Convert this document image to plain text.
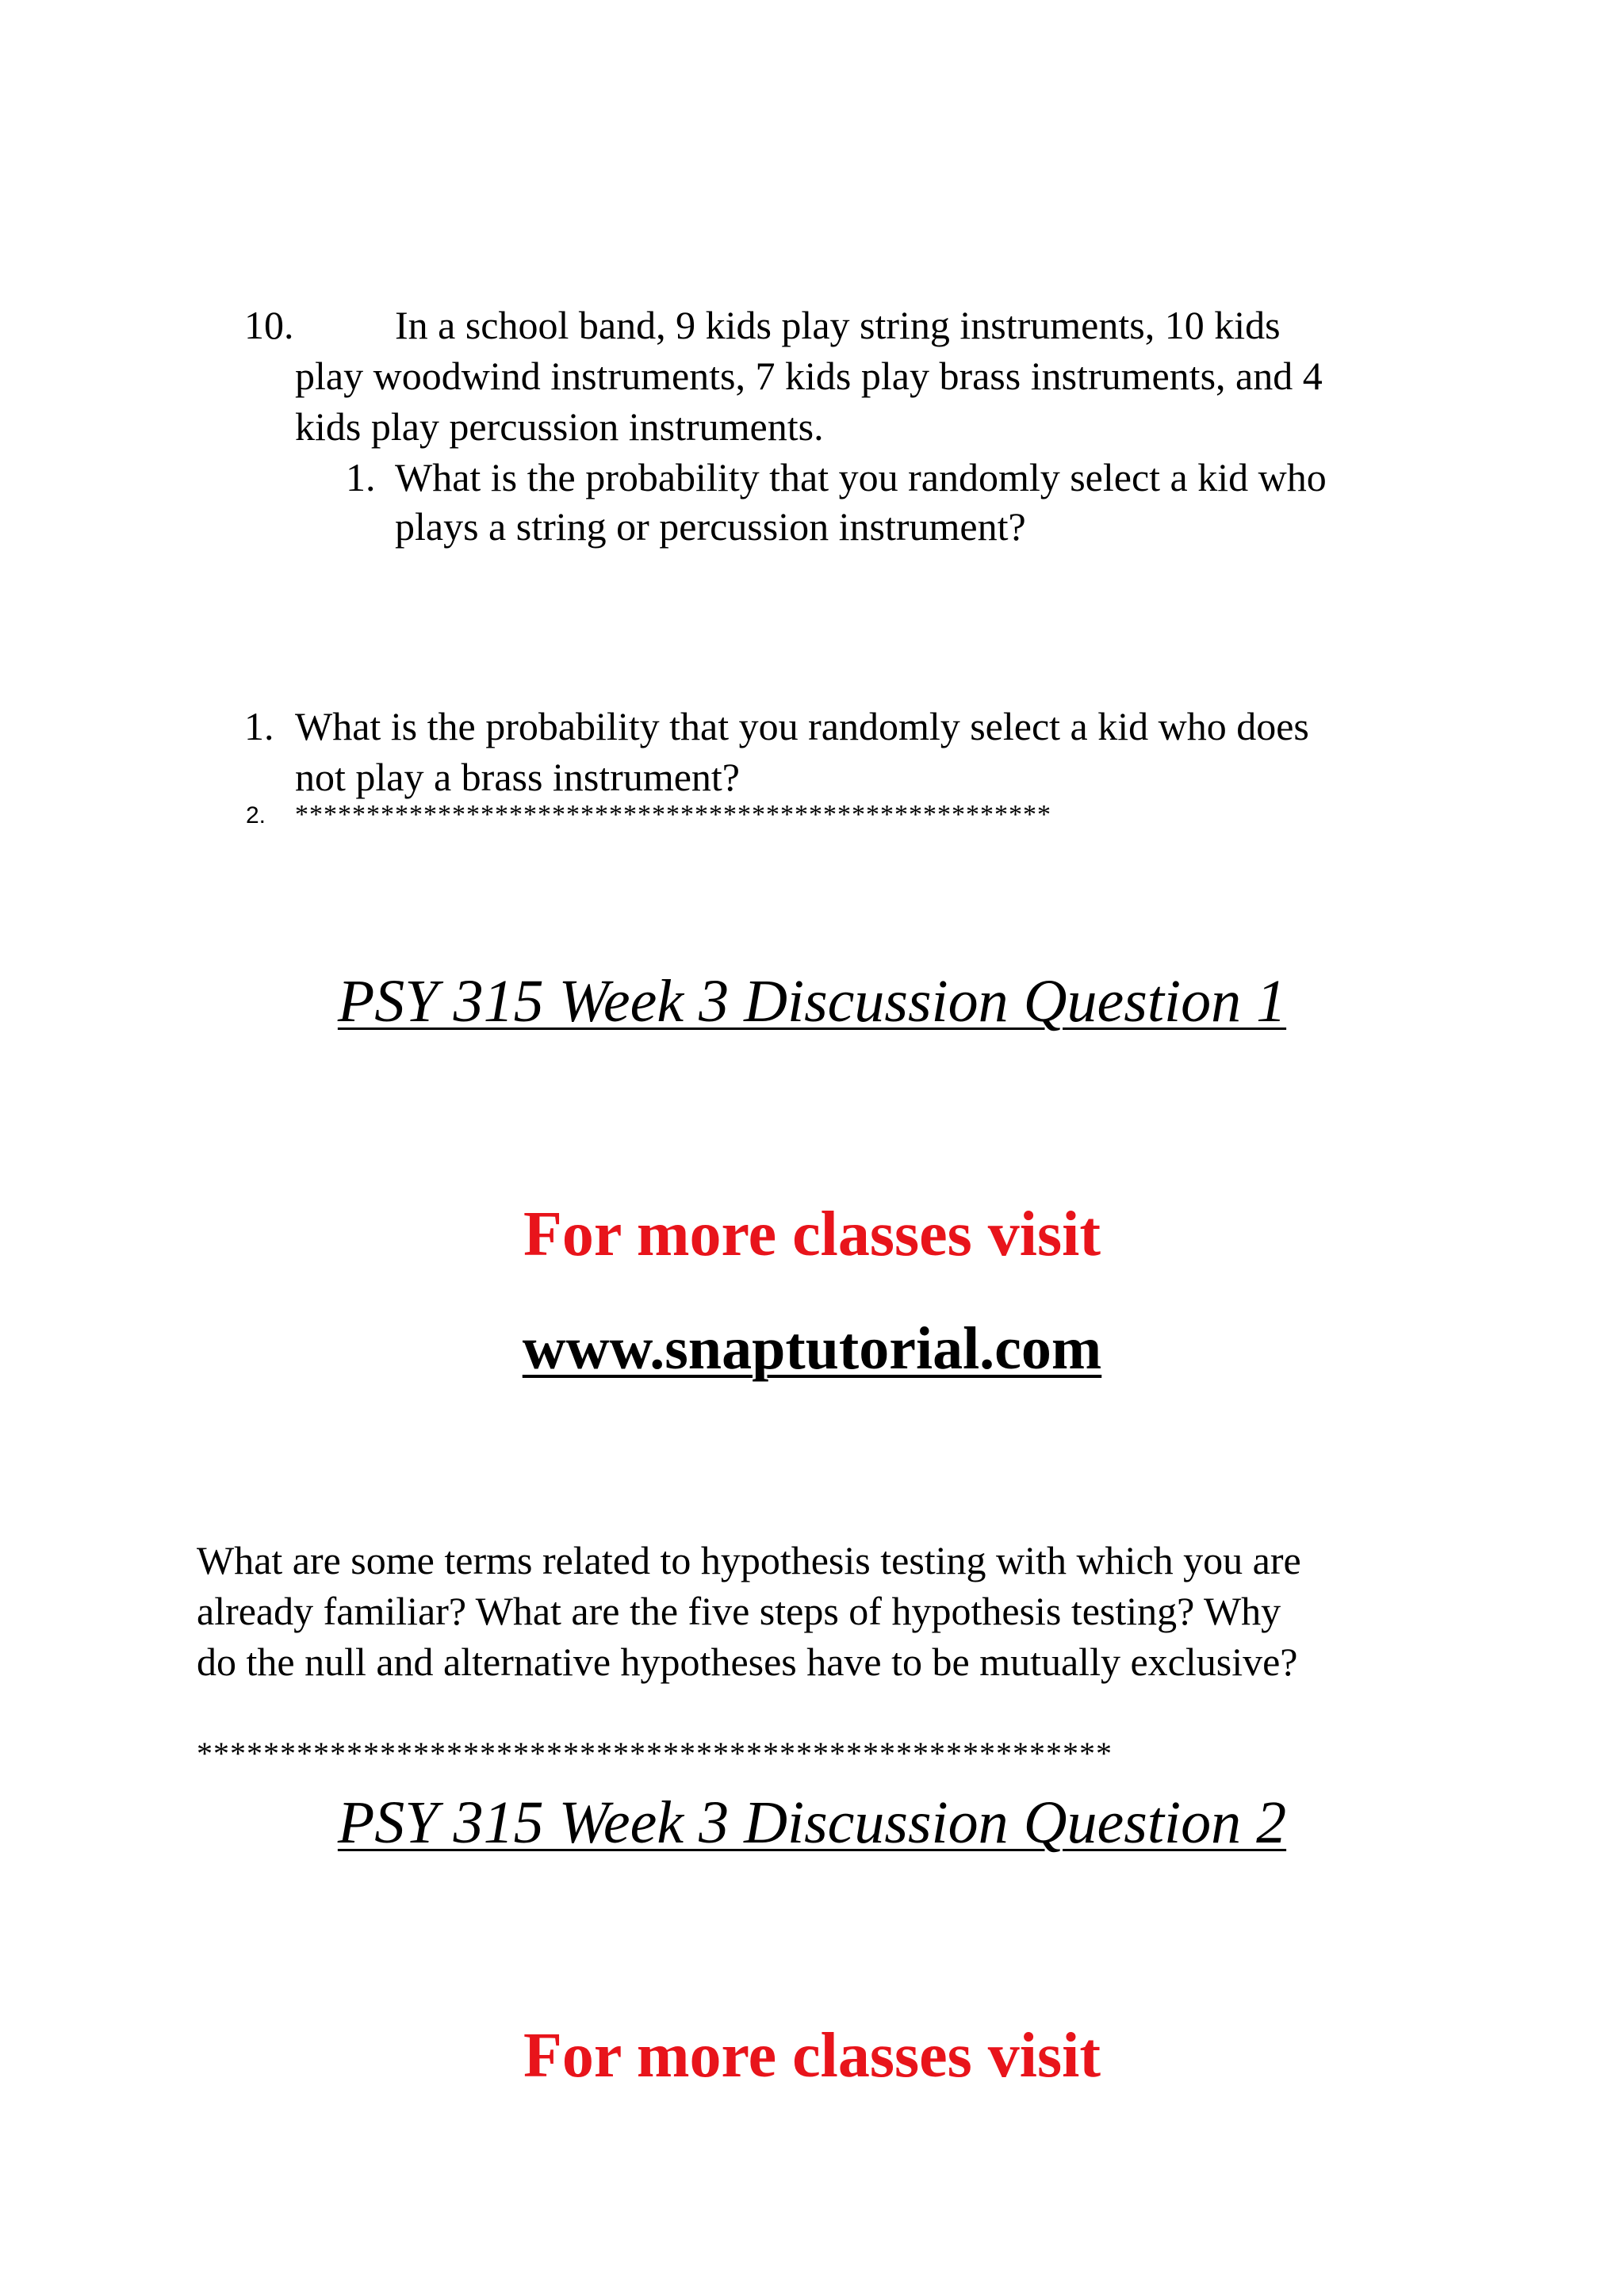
10.	In a school band, 9 kids play string instruments, 10 kids
play woodwind instruments, 7 kids play brass instruments, and 4
kids play percussion instruments.
1. What is the probability that you randomly select a kid who
plays a string or percussion instrument?
1. What is the probability that you randomly select a kid who does
not play a brass instrument?
2. *****************************************************
PSY 315 Week 3 Discussion Question 1
For more classes visit
www.snaptutorial.com
What are some terms related to hypothesis testing with which you are
already familiar? What are the five steps of hypothesis testing? Why
do the null and alternative hypotheses have to be mutually exclusive?
*******************************************************
PSY 315 Week 3 Discussion Question 2
For more classes visit
